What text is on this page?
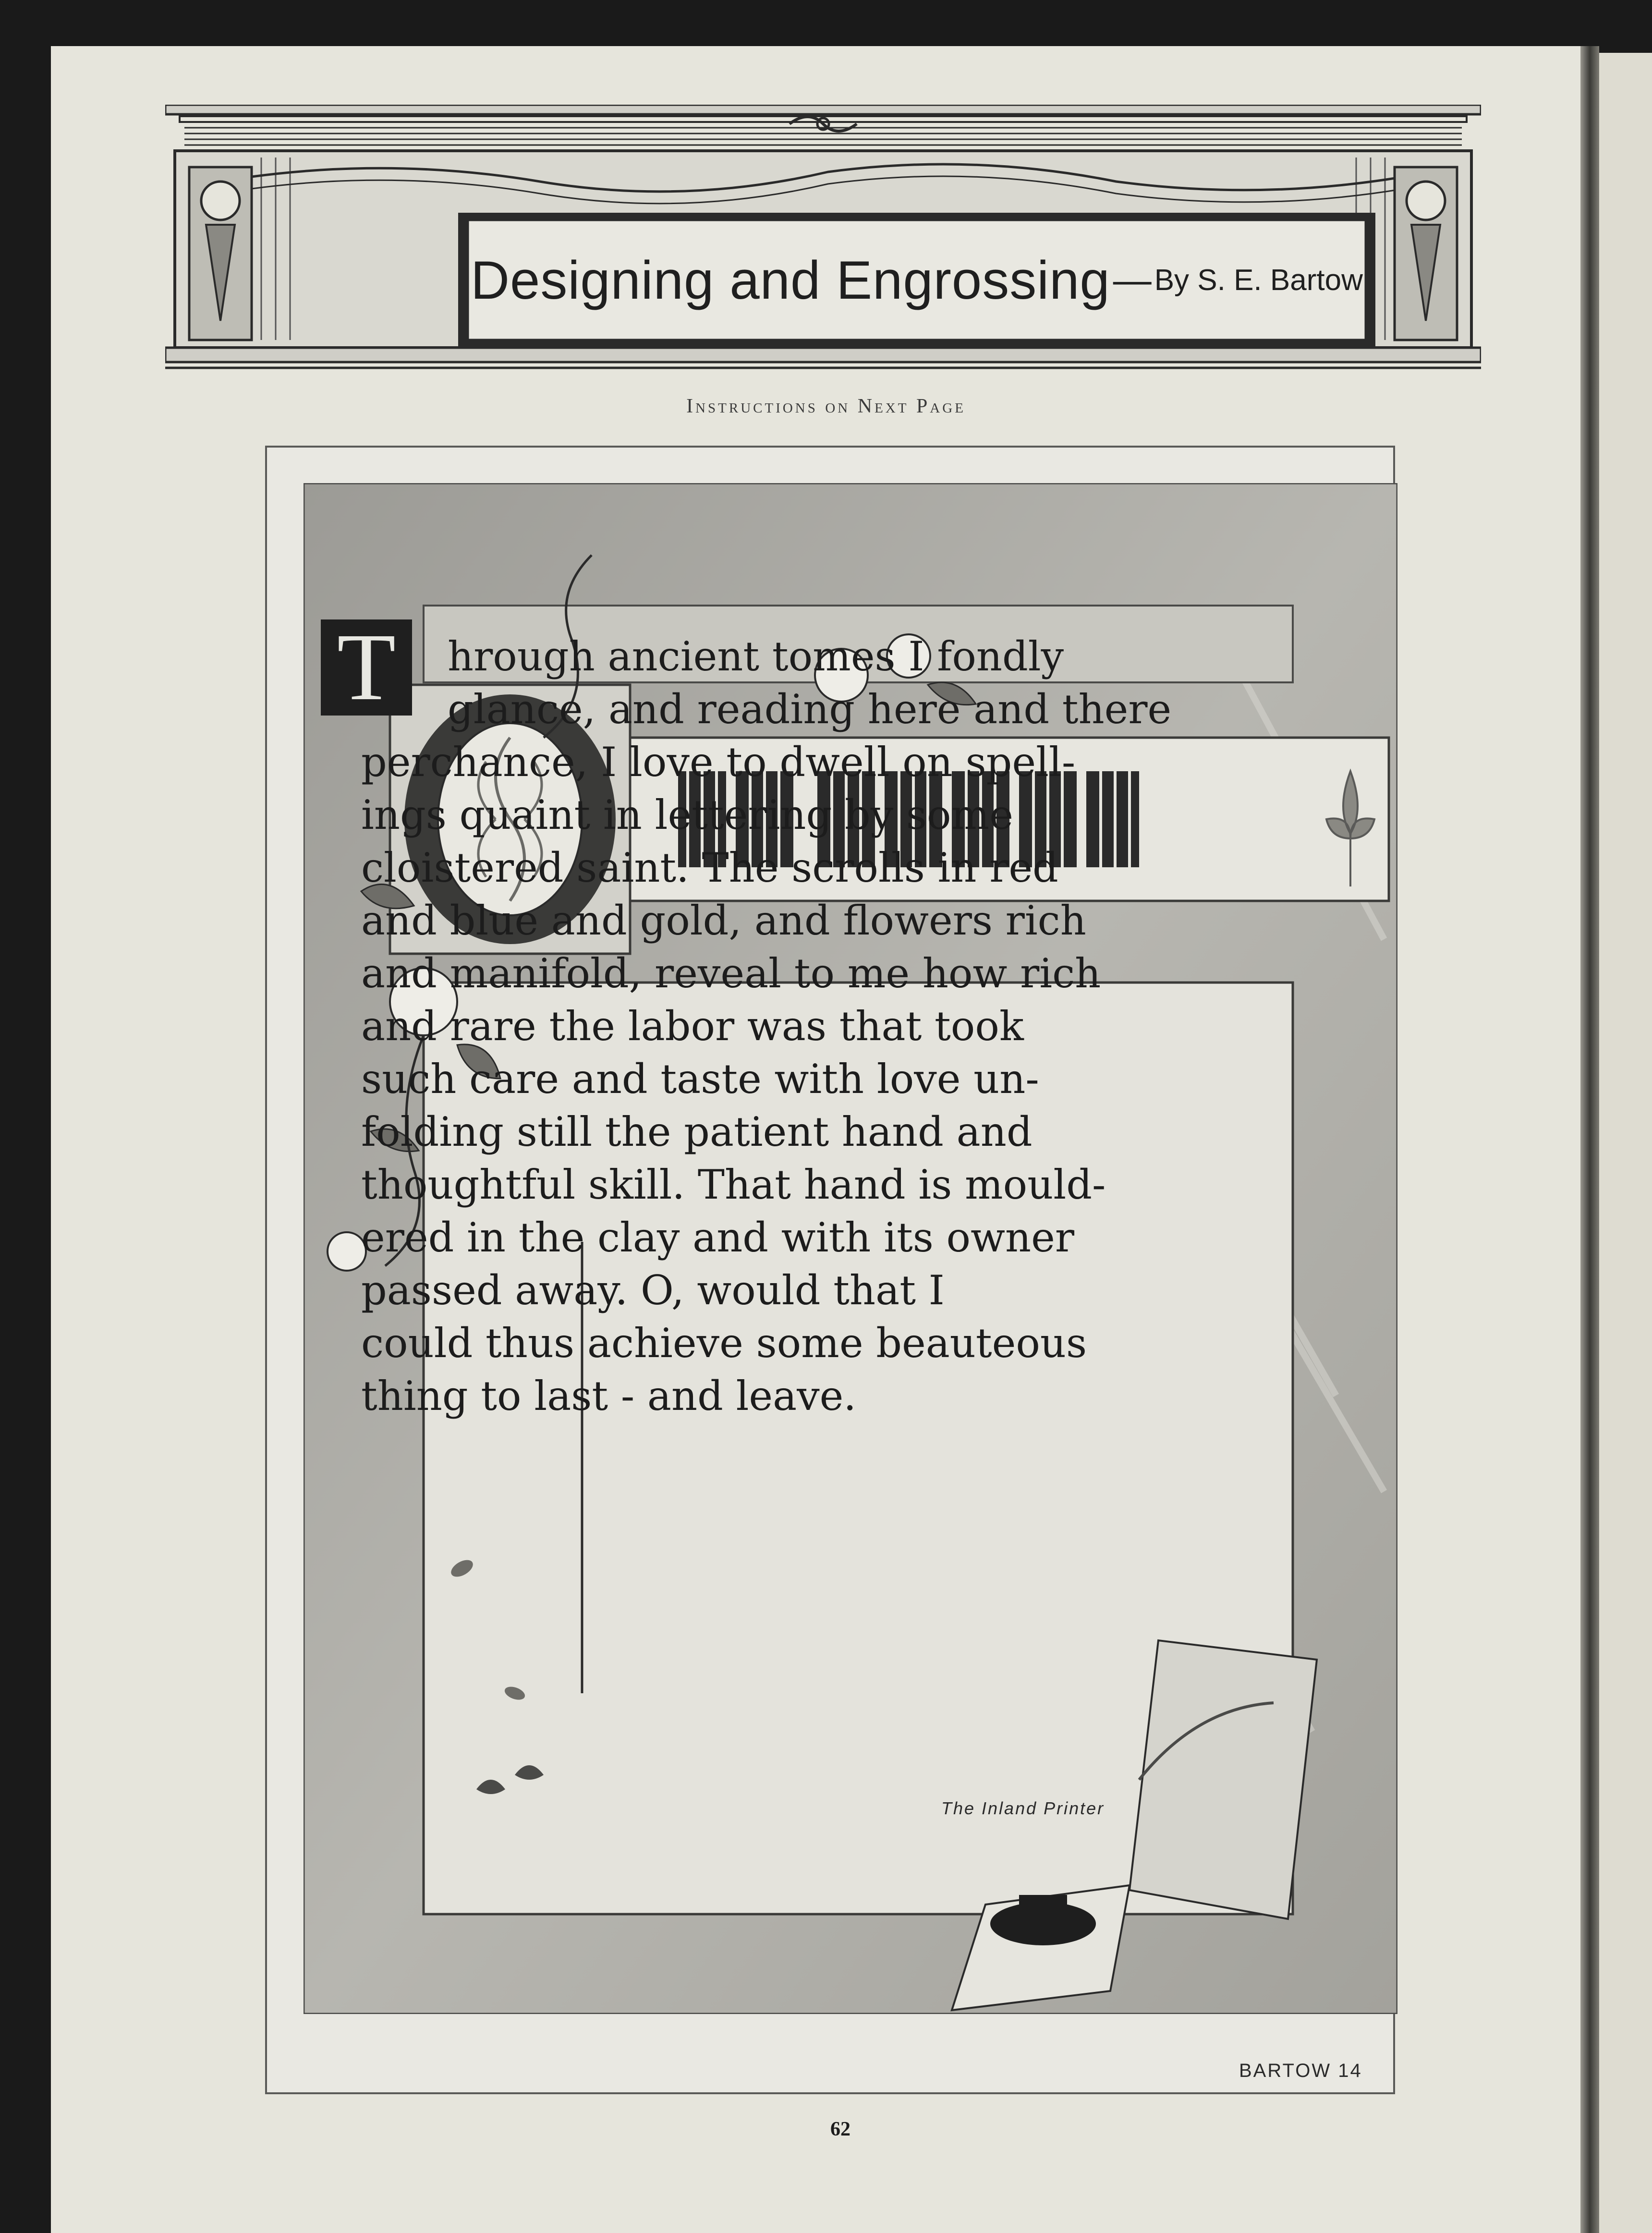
Designing and Engrossing — By S. E. Bartow
Instructions on Next Page
T	hrough ancient tomes I fondly
glance, and reading here and there
perchance, I love to dwell on spell-
ings quaint in lettering by some
cloistered saint. The scrolls in red
and blue and gold, and flowers rich
and manifold, reveal to me how rich
and rare the labor was that took
such care and taste with love un-
folding still the patient hand and
thoughtful skill. That hand is mould-
ered in the clay and with its owner
passed away. O, would that I
could thus achieve some beauteous
thing to last - and leave.
The Inland Printer
BARTOW 14
62
